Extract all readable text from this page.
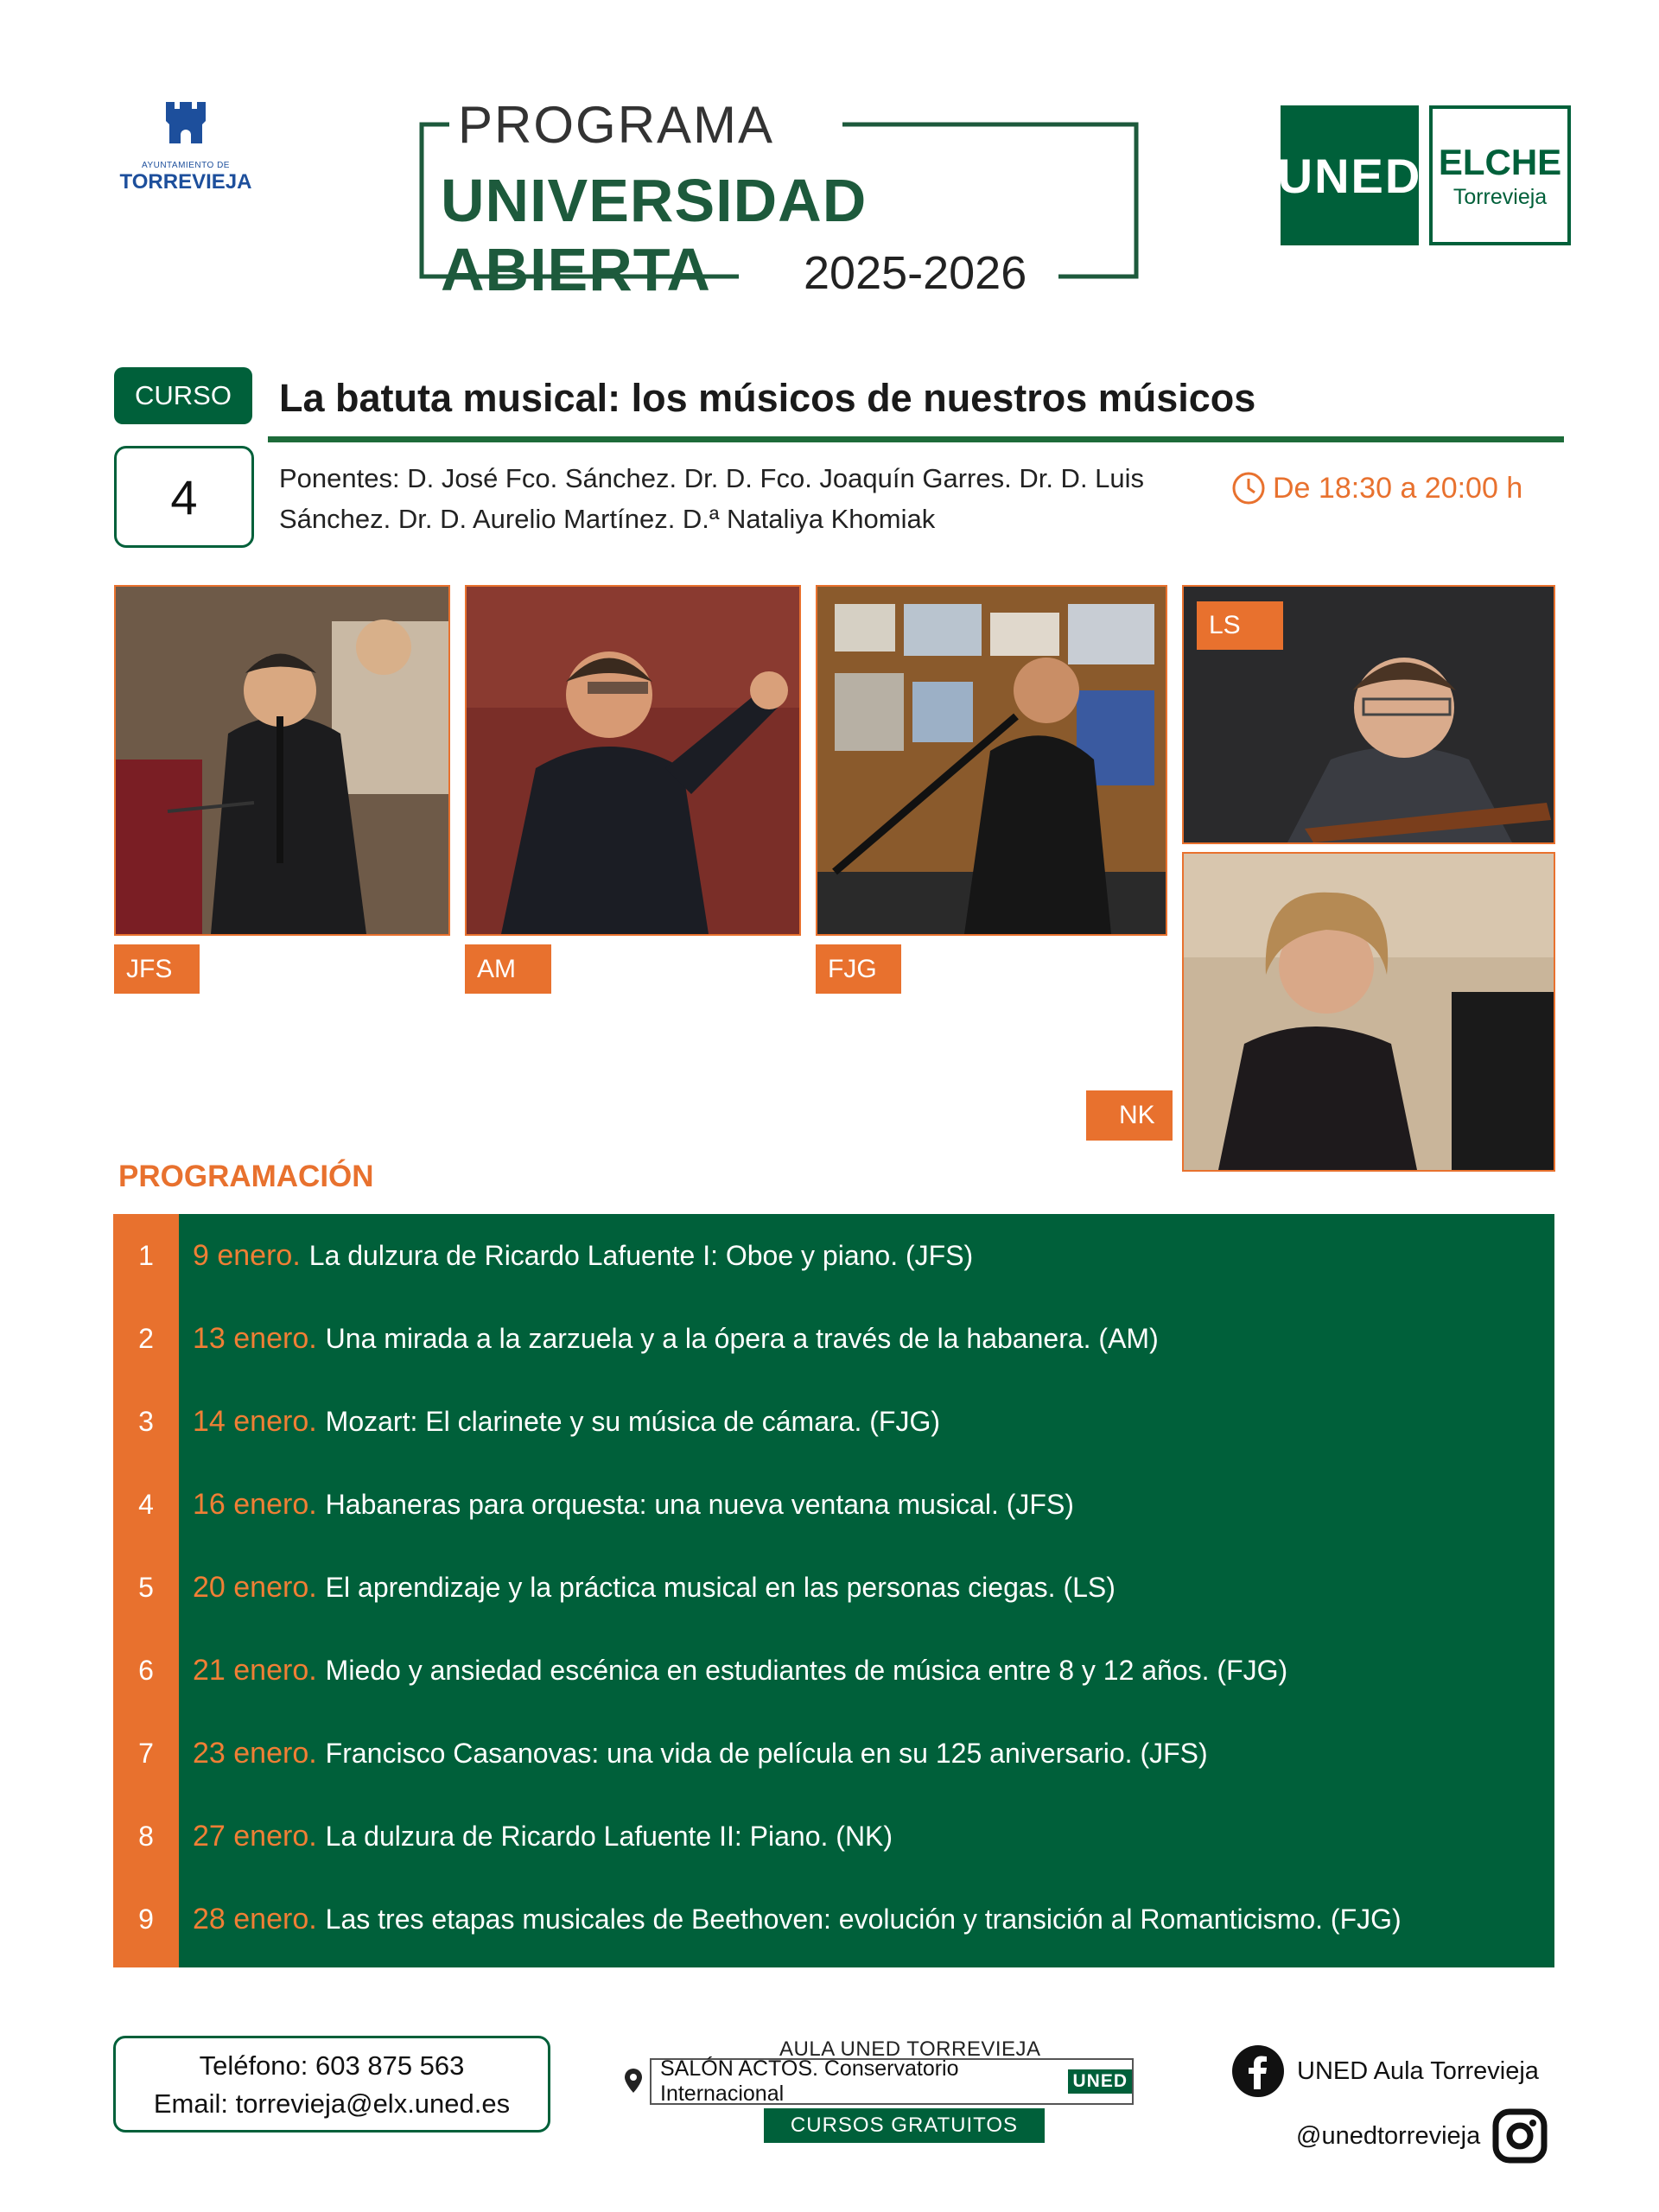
AYUNTAMIENTO DE
TORREVIEJA
PROGRAMA
UNIVERSIDAD ABIERTA	2025-2026
UNED ELCHE
Torrevieja
CURSO	La batuta musical: los músicos de nuestros músicos
4	Ponentes: D. José Fco. Sánchez. Dr. D. Fco. Joaquín Garres. Dr. D. Luis Sánchez. Dr. D. Aurelio Martínez. D.ª Nataliya Khomiak
De 18:30 a 20:00 h
JFS	AM	FJG
LS
NK
PROGRAMACIÓN
1	9 enero. La dulzura de Ricardo Lafuente I: Oboe y piano. (JFS)
2	13 enero. Una mirada a la zarzuela y a la ópera a través de la habanera. (AM)
3	14 enero. Mozart: El clarinete y su música de cámara. (FJG)
4	16 enero. Habaneras para orquesta: una nueva ventana musical. (JFS)
5	20 enero. El aprendizaje y la práctica musical en las personas ciegas. (LS)
6	21 enero. Miedo y ansiedad escénica en estudiantes de música entre 8 y 12 años. (FJG)
7	23 enero. Francisco Casanovas: una vida de película en su 125 aniversario. (JFS)
8	27 enero. La dulzura de Ricardo Lafuente II: Piano. (NK)
9	28 enero. Las tres etapas musicales de Beethoven: evolución y transición al Romanticismo. (FJG)
Teléfono: 603 875 563
Email: torrevieja@elx.uned.es
AULA UNED TORREVIEJA
SALÓN ACTOS. Conservatorio Internacional
UNED
CURSOS GRATUITOS
UNED Aula Torrevieja
@unedtorrevieja
